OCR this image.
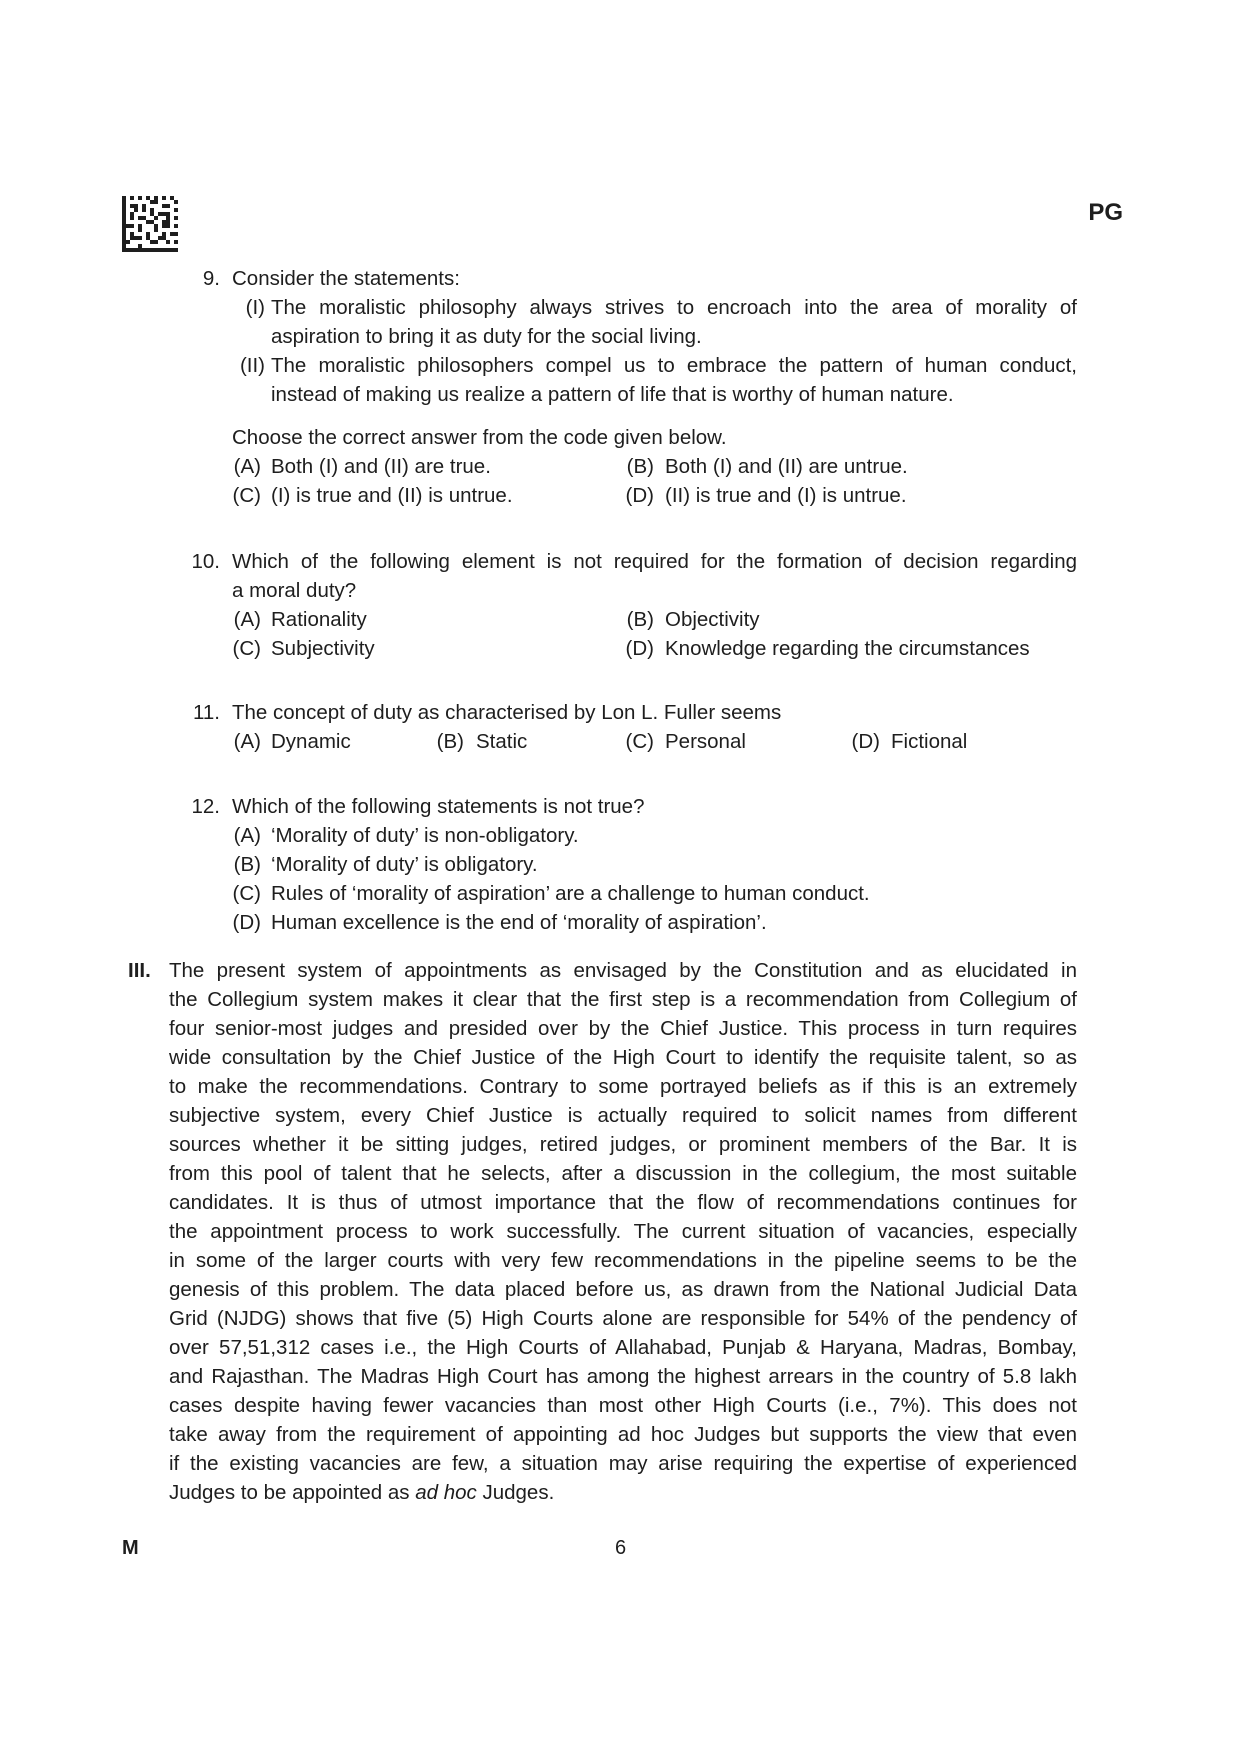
PG
9. Consider the statements:
(I) The moralistic philosophy always strives to encroach into the area of morality of
aspiration to bring it as duty for the social living.
(II) The moralistic philosophers compel us to embrace the pattern of human conduct,
instead of making us realize a pattern of life that is worthy of human nature.
Choose the correct answer from the code given below.
(A) Both (I) and (II) are true.	(B) Both (I) and (II) are untrue.
(C) (I) is true and (II) is untrue.	(D) (II) is true and (I) is untrue.
10. Which of the following element is not required for the formation of decision regarding
a moral duty?
(A) Rationality	(B) Objectivity
(C) Subjectivity	(D) Knowledge regarding the circumstances
11. The concept of duty as characterised by Lon L. Fuller seems
(A) Dynamic	(B) Static	(C) Personal	(D) Fictional
12. Which of the following statements is not true?
(A) ‘Morality of duty’ is non-obligatory.
(B) ‘Morality of duty’ is obligatory.
(C) Rules of ‘morality of aspiration’ are a challenge to human conduct.
(D) Human excellence is the end of ‘morality of aspiration’.
III. The present system of appointments as envisaged by the Constitution and as elucidated in
the Collegium system makes it clear that the first step is a recommendation from Collegium of
four senior-most judges and presided over by the Chief Justice. This process in turn requires
wide consultation by the Chief Justice of the High Court to identify the requisite talent, so as
to make the recommendations. Contrary to some portrayed beliefs as if this is an extremely
subjective system, every Chief Justice is actually required to solicit names from different
sources whether it be sitting judges, retired judges, or prominent members of the Bar. It is
from this pool of talent that he selects, after a discussion in the collegium, the most suitable
candidates. It is thus of utmost importance that the flow of recommendations continues for
the appointment process to work successfully. The current situation of vacancies, especially
in some of the larger courts with very few recommendations in the pipeline seems to be the
genesis of this problem. The data placed before us, as drawn from the National Judicial Data
Grid (NJDG) shows that five (5) High Courts alone are responsible for 54% of the pendency of
over 57,51,312 cases i.e., the High Courts of Allahabad, Punjab & Haryana, Madras, Bombay,
and Rajasthan. The Madras High Court has among the highest arrears in the country of 5.8 lakh
cases despite having fewer vacancies than most other High Courts (i.e., 7%). This does not
take away from the requirement of appointing ad hoc Judges but supports the view that even
if the existing vacancies are few, a situation may arise requiring the expertise of experienced
Judges to be appointed as ad hoc Judges.
M	6
